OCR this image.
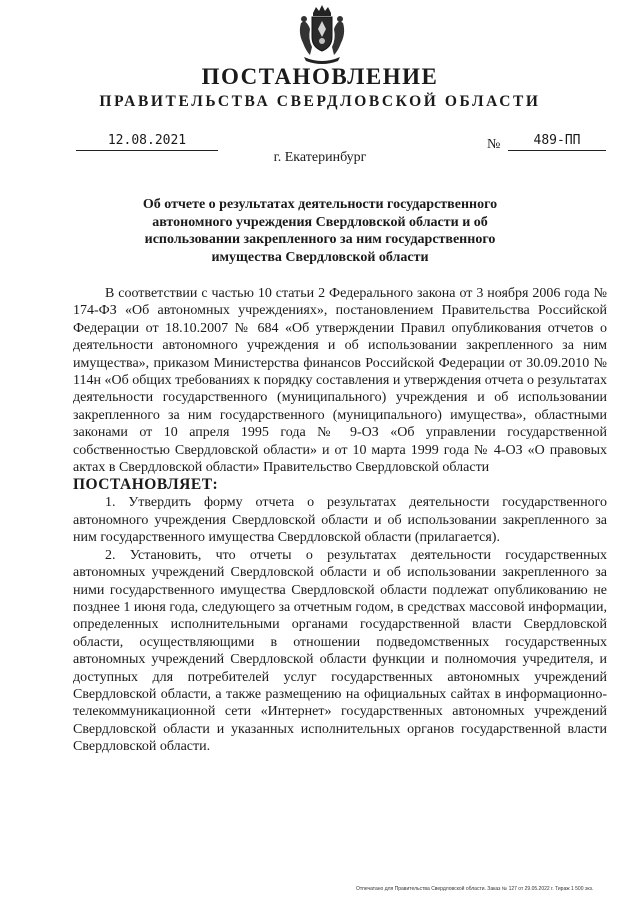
ПОСТАНОВЛЕНИЕ
ПРАВИТЕЛЬСТВА СВЕРДЛОВСКОЙ ОБЛАСТИ
12.08.2021	№	489-ПП
г. Екатеринбург
Об отчете о результатах деятельности государственного автономного учреждения Свердловской области и об использовании закрепленного за ним государственного имущества Свердловской области

В соответствии с частью 10 статьи 2 Федерального закона от 3 ноября 2006 года № 174-ФЗ «Об автономных учреждениях», постановлением Правительства Российской Федерации от 18.10.2007 № 684 «Об утверждении Правил опубликования отчетов о деятельности автономного учреждения и об использовании закрепленного за ним имущества», приказом Министерства финансов Российской Федерации от 30.09.2010 № 114н «Об общих требованиях к порядку составления и утверждения отчета о результатах деятельности государственного (муниципального) учреждения и об использовании закрепленного за ним государственного (муниципального) имущества», областными законами от 10 апреля 1995 года № 9-ОЗ «Об управлении государственной собственностью Свердловской области» и от 10 марта 1999 года № 4-ОЗ «О правовых актах в Свердловской области» Правительство Свердловской области

ПОСТАНОВЛЯЕТ:

1. Утвердить форму отчета о результатах деятельности государственного автономного учреждения Свердловской области и об использовании закрепленного за ним государственного имущества Свердловской области (прилагается).

2. Установить, что отчеты о результатах деятельности государственных автономных учреждений Свердловской области и об использовании закрепленного за ними государственного имущества Свердловской области подлежат опубликованию не позднее 1 июня года, следующего за отчетным годом, в средствах массовой информации, определенных исполнительными органами государственной власти Свердловской области, осуществляющими в отношении подведомственных государственных автономных учреждений Свердловской области функции и полномочия учредителя, и доступных для потребителей услуг государственных автономных учреждений Свердловской области, а также размещению на официальных сайтах в информационно-телекоммуникационной сети «Интернет» государственных автономных учреждений Свердловской области и указанных исполнительных органов государственной власти Свердловской области.

Отпечатано для Правительства Свердловской области. Заказ № 127 от 29.05.2022 г. Тираж 1 500 экз.
